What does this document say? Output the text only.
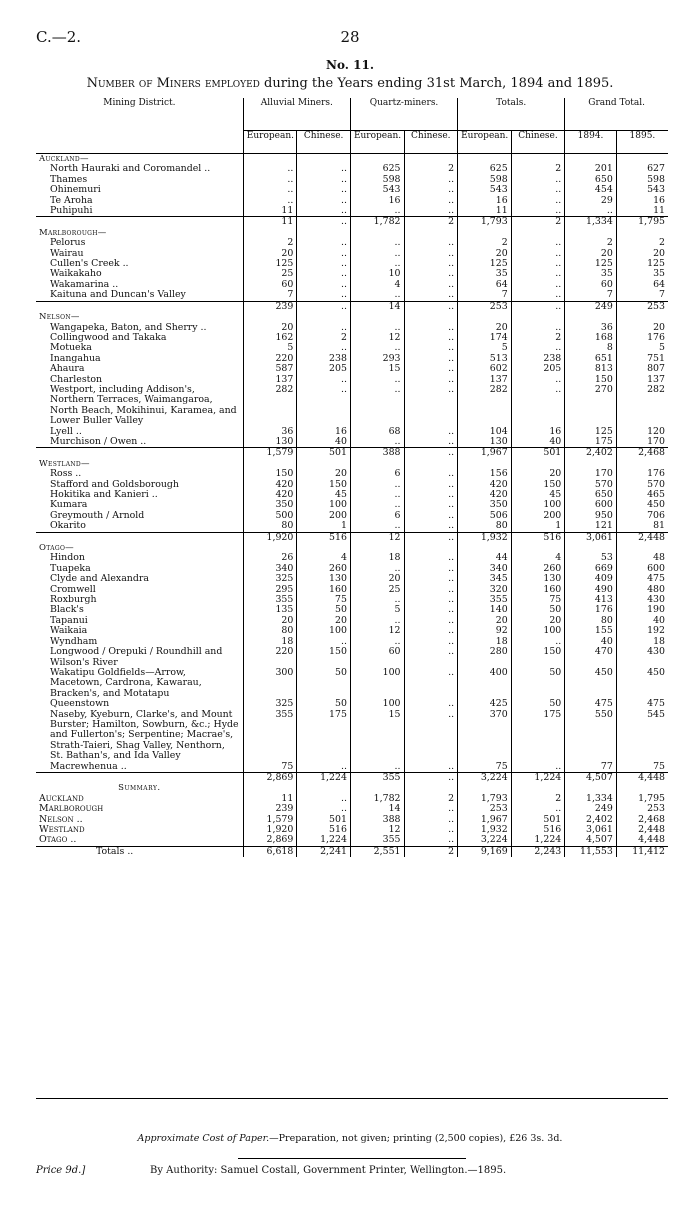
C.—2.	28
No. 11.
Number of Miners employed during the Years ending 31st March, 1894 and 1895.
Mining District.	Alluvial Miners.		Quartz-miners.		Totals.		Grand Total.	
	European.	Chinese.	European.	Chinese.	European.	Chinese.	1894.	1895.
Auckland—								
North Hauraki and Coromandel ..	..	..	625	2	625	2	201	627
Thames	..	..	598	..	598	..	650	598
Ohinemuri	..	..	543	..	543	..	454	543
Te Aroha	..	..	16	..	16	..	29	16
Puhipuhi	11	..	..	..	11	..	..	11
	11	..	1,782	2	1,793	2	1,334	1,795
Marlborough—								
Pelorus	2	..	..	..	2	..	2	2
Wairau	20	..	..	..	20	..	20	20
Cullen's Creek ..	125	..	..	..	125	..	125	125
Waikakaho	25	..	10	..	35	..	35	35
Wakamarina ..	60	..	4	..	64	..	60	64
Kaituna and Duncan's Valley	7	..	..	..	7	..	7	7
	239	..	14	..	253	..	249	253
Nelson—								
Wangapeka, Baton, and Sherry ..	20	..	..	..	20	..	36	20
Collingwood and Takaka	162	2	12	..	174	2	168	176
Motueka	5	..	..	..	5	..	8	5
Inangahua	220	238	293	..	513	238	651	751
Ahaura	587	205	15	..	602	205	813	807
Charleston	137	..	..	..	137	..	150	137
Westport, including Addison's, Northern Terraces, Waimangaroa, North Beach, Mokihinui, Karamea, and Lower Buller Valley	282	..	..	..	282	..	270	282
Lyell ..	36	16	68	..	104	16	125	120
Murchison / Owen ..	130	40	..	..	130	40	175	170
	1,579	501	388	..	1,967	501	2,402	2,468
Westland—								
Ross ..	150	20	6	..	156	20	170	176
Stafford and Goldsborough	420	150	..	..	420	150	570	570
Hokitika and Kanieri ..	420	45	..	..	420	45	650	465
Kumara	350	100	..	..	350	100	600	450
Greymouth / Arnold	500	200	6	..	506	200	950	706
Okarito	80	1	..	..	80	1	121	81
	1,920	516	12	..	1,932	516	3,061	2,448
Otago—								
Hindon	26	4	18	..	44	4	53	48
Tuapeka	340	260	..	..	340	260	669	600
Clyde and Alexandra	325	130	20	..	345	130	409	475
Cromwell	295	160	25	..	320	160	490	480
Roxburgh	355	75	..	..	355	75	413	430
Black's	135	50	5	..	140	50	176	190
Tapanui	20	20	..	..	20	20	80	40
Waikaia	80	100	12	..	92	100	155	192
Wyndham	18	..	..	..	18	..	40	18
Longwood / Orepuki / Roundhill and Wilson's River	220	150	60	..	280	150	470	430
Wakatipu Goldfields—Arrow, Macetown, Cardrona, Kawarau, Bracken's, and Motatapu	300	50	100	..	400	50	450	450
Queenstown	325	50	100	..	425	50	475	475
Naseby, Kyeburn, Clarke's, and Mount Burster; Hamilton, Sowburn, &c.; Hyde and Fullerton's; Serpentine; Macrae's, Strath-Taieri, Shag Valley, Nenthorn, St. Bathan's, and Ida Valley	355	175	15	..	370	175	550	545
Macrewhenua ..	75	..	..	..	75	..	77	75
	2,869	1,224	355	..	3,224	1,224	4,507	4,448
Summary.								
Auckland	11	..	1,782	2	1,793	2	1,334	1,795
Marlborough	239	..	14	..	253	..	249	253
Nelson ..	1,579	501	388	..	1,967	501	2,402	2,468
Westland	1,920	516	12	..	1,932	516	3,061	2,448
Otago ..	2,869	1,224	355	..	3,224	1,224	4,507	4,448
Totals ..	6,618	2,241	2,551	2	9,169	2,243	11,553	11,412
Approximate Cost of Paper.—Preparation, not given; printing (2,500 copies), £26 3s. 3d.
Price 9d.]	By Authority: Samuel Costall, Government Printer, Wellington.—1895.
